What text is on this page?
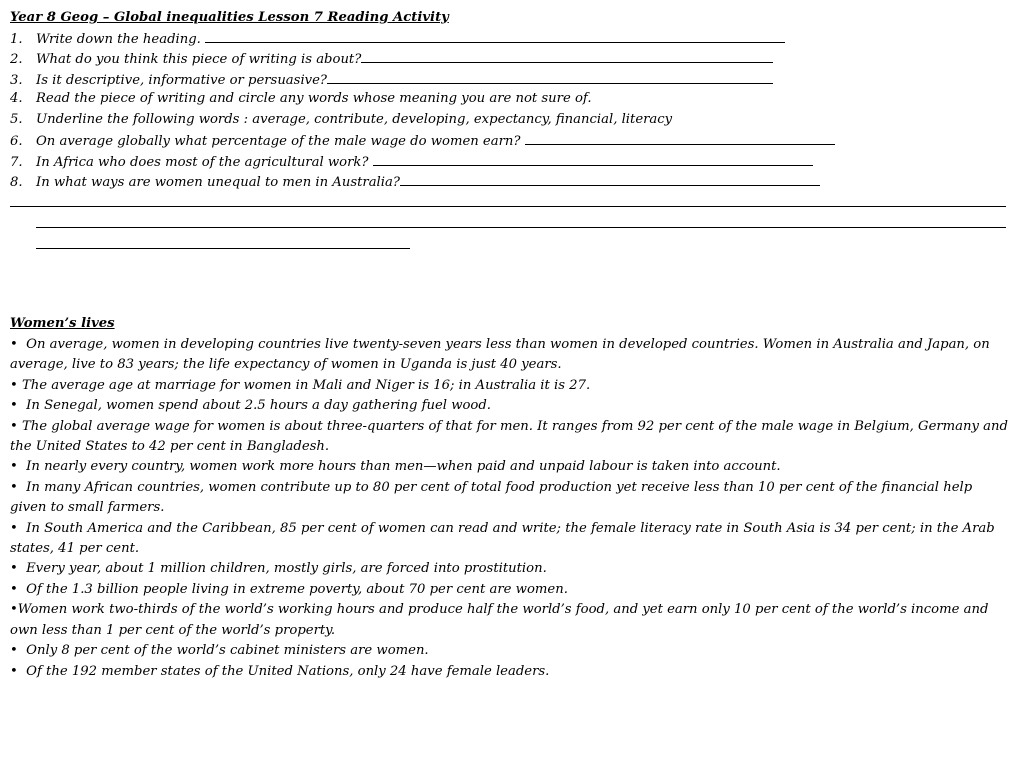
Year 8 Geog – Global inequalities Lesson 7 Reading Activity
1. Write down the heading.
2. What do you think this piece of writing is about?
3. Is it descriptive, informative or persuasive?
4. Read the piece of writing and circle any words whose meaning you are not sure of.
5. Underline the following words : average, contribute, developing, expectancy, financial, literacy
6. On average globally what percentage of the male wage do women earn?
7. In Africa who does most of the agricultural work?
8. In what ways are women unequal to men in Australia?
Women’s lives

• On average, women in developing countries live twenty-seven years less than women in developed countries. Women in Australia and Japan, on average, live to 83 years; the life expectancy of women in Uganda is just 40 years.

• The average age at marriage for women in Mali and Niger is 16; in Australia it is 27.

• In Senegal, women spend about 2.5 hours a day gathering fuel wood.

• The global average wage for women is about three-quarters of that for men. It ranges from 92 per cent of the male wage in Belgium, Germany and the United States to 42 per cent in Bangladesh.

• In nearly every country, women work more hours than men—when paid and unpaid labour is taken into account.

• In many African countries, women contribute up to 80 per cent of total food production yet receive less than 10 per cent of the financial help given to small farmers.

• In South America and the Caribbean, 85 per cent of women can read and write; the female literacy rate in South Asia is 34 per cent; in the Arab states, 41 per cent.

• Every year, about 1 million children, mostly girls, are forced into prostitution.

• Of the 1.3 billion people living in extreme poverty, about 70 per cent are women.

•Women work two-thirds of the world’s working hours and produce half the world’s food, and yet earn only 10 per cent of the world’s income and own less than 1 per cent of the world’s property.

• Only 8 per cent of the world’s cabinet ministers are women.

• Of the 192 member states of the United Nations, only 24 have female leaders.
